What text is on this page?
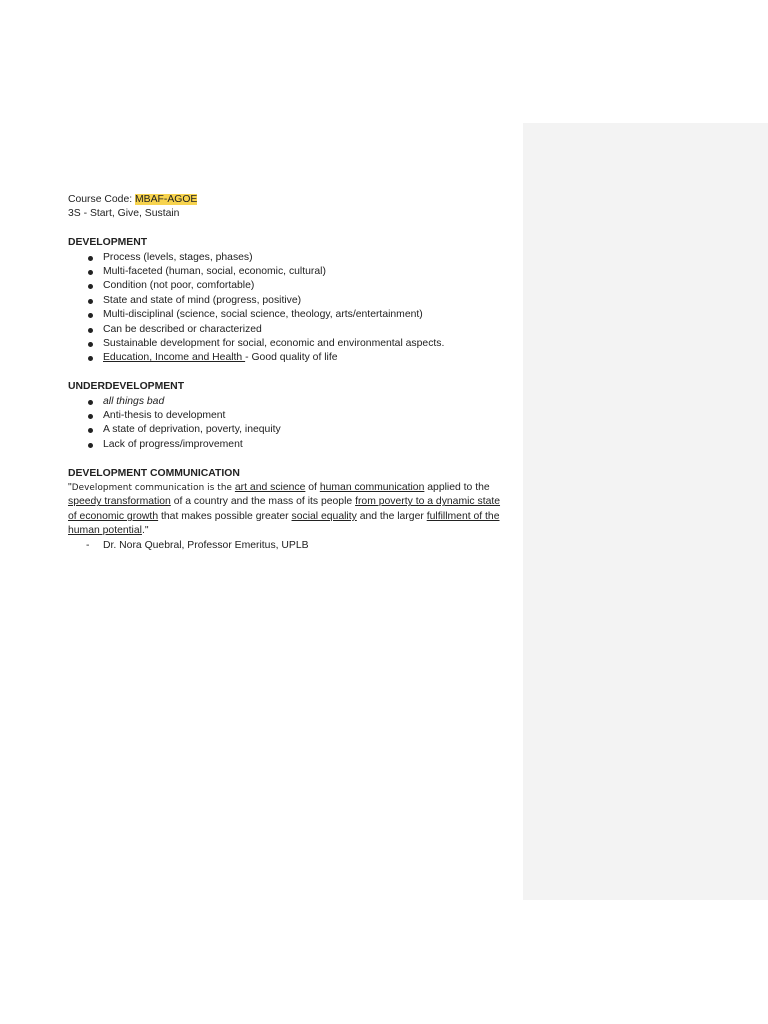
Course Code: MBAF-AGOE
3S - Start, Give, Sustain
DEVELOPMENT
Process (levels, stages, phases)
Multi-faceted (human, social, economic, cultural)
Condition (not poor, comfortable)
State and state of mind (progress, positive)
Multi-disciplinal (science, social science, theology, arts/entertainment)
Can be described or characterized
Sustainable development for social, economic and environmental aspects.
Education, Income and Health - Good quality of life
UNDERDEVELOPMENT
all things bad
Anti-thesis to development
A state of deprivation, poverty, inequity
Lack of progress/improvement
DEVELOPMENT COMMUNICATION
"Development communication is the art and science of human communication applied to the speedy transformation of a country and the mass of its people from poverty to a dynamic state of economic growth that makes possible greater social equality and the larger fulfillment of the human potential."
- Dr. Nora Quebral, Professor Emeritus, UPLB
